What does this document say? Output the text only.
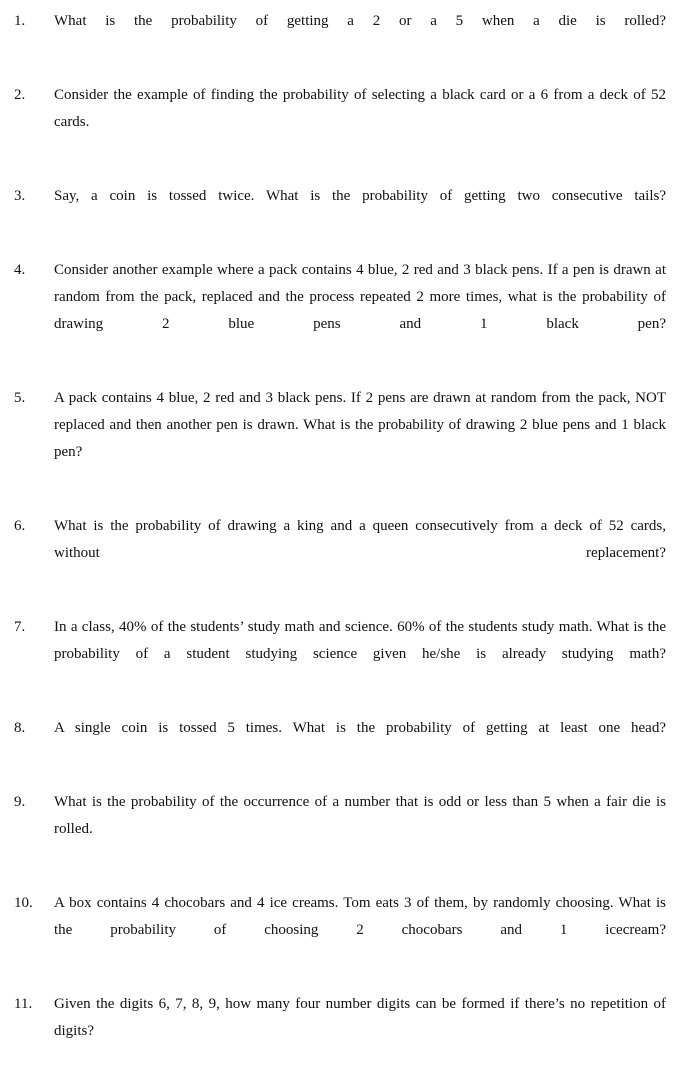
1.	What is the probability of getting a 2 or a 5 when a die is rolled?
2.	Consider the example of finding the probability of selecting a black card or a 6 from a deck of 52 cards.
3.	Say, a coin is tossed twice. What is the probability of getting two consecutive tails?
4.	Consider another example where a pack contains 4 blue, 2 red and 3 black pens. If a pen is drawn at random from the pack, replaced and the process repeated 2 more times, what is the probability of drawing 2 blue pens and 1 black pen?
5.	A pack contains 4 blue, 2 red and 3 black pens. If 2 pens are drawn at random from the pack, NOT replaced and then another pen is drawn. What is the probability of drawing 2 blue pens and 1 black pen?
6.	What is the probability of drawing a king and a queen consecutively from a deck of 52 cards, without replacement?
7.	In a class, 40% of the students’ study math and science. 60% of the students study math. What is the probability of a student studying science given he/she is already studying math?
8.	A single coin is tossed 5 times. What is the probability of getting at least one head?
9.	What is the probability of the occurrence of a number that is odd or less than 5 when a fair die is rolled.
10.	A box contains 4 chocobars and 4 ice creams. Tom eats 3 of them, by randomly choosing. What is the probability of choosing 2 chocobars and 1 icecream?
11.	Given the digits 6, 7, 8, 9, how many four number digits can be formed if there’s no repetition of digits?
